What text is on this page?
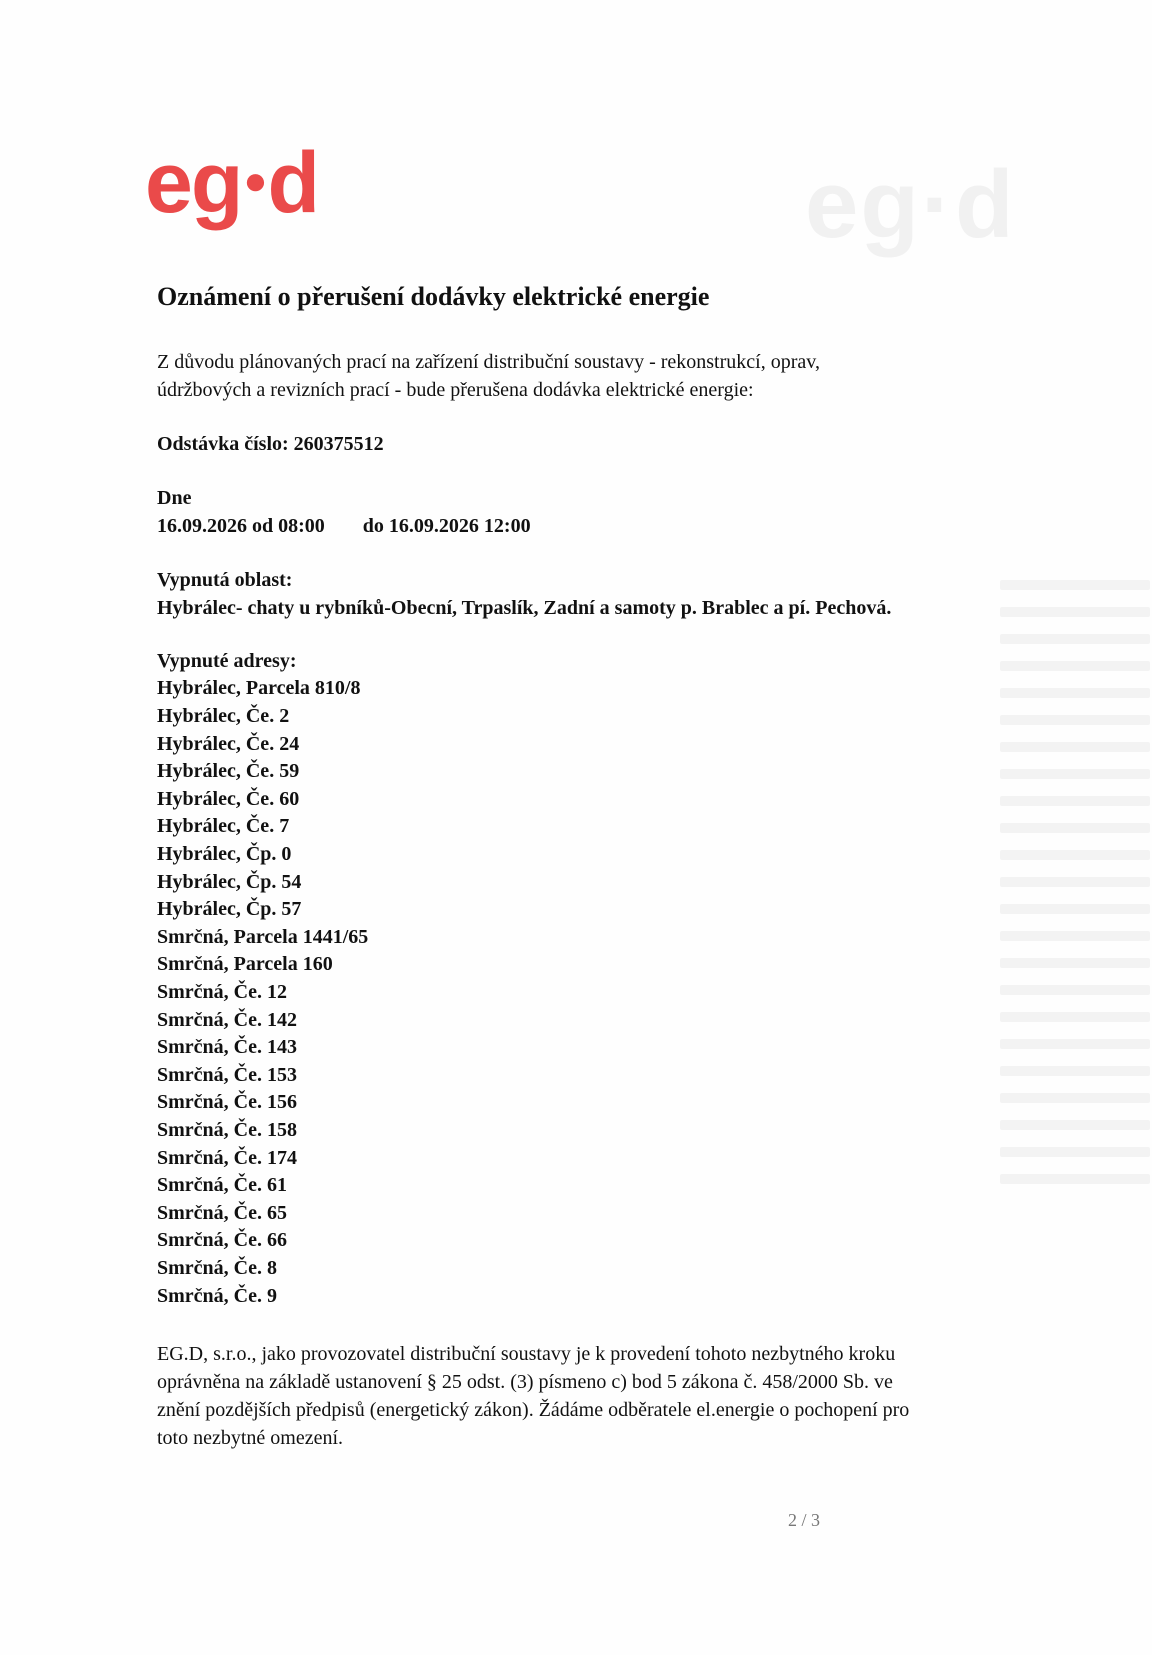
eg·d
eg●d
Oznámení o přerušení dodávky elektrické energie
Z důvodu plánovaných prací na zařízení distribuční soustavy - rekonstrukcí, oprav,
údržbových a revizních prací - bude přerušena dodávka elektrické energie:
Odstávka číslo: 260375512
Dne
16.09.2026 od 08:00 do 16.09.2026 12:00
Vypnutá oblast:
Hybrálec- chaty u rybníků-Obecní, Trpaslík, Zadní a samoty p. Brablec a pí. Pechová.
Vypnuté adresy:
Hybrálec, Parcela 810/8
Hybrálec, Če. 2
Hybrálec, Če. 24
Hybrálec, Če. 59
Hybrálec, Če. 60
Hybrálec, Če. 7
Hybrálec, Čp. 0
Hybrálec, Čp. 54
Hybrálec, Čp. 57
Smrčná, Parcela 1441/65
Smrčná, Parcela 160
Smrčná, Če. 12
Smrčná, Če. 142
Smrčná, Če. 143
Smrčná, Če. 153
Smrčná, Če. 156
Smrčná, Če. 158
Smrčná, Če. 174
Smrčná, Če. 61
Smrčná, Če. 65
Smrčná, Če. 66
Smrčná, Če. 8
Smrčná, Če. 9
EG.D, s.r.o., jako provozovatel distribuční soustavy je k provedení tohoto nezbytného kroku
oprávněna na základě ustanovení § 25 odst. (3) písmeno c) bod 5 zákona č. 458/2000 Sb. ve
znění pozdějších předpisů (energetický zákon). Žádáme odběratele el.energie o pochopení pro
toto nezbytné omezení.
2 / 3
